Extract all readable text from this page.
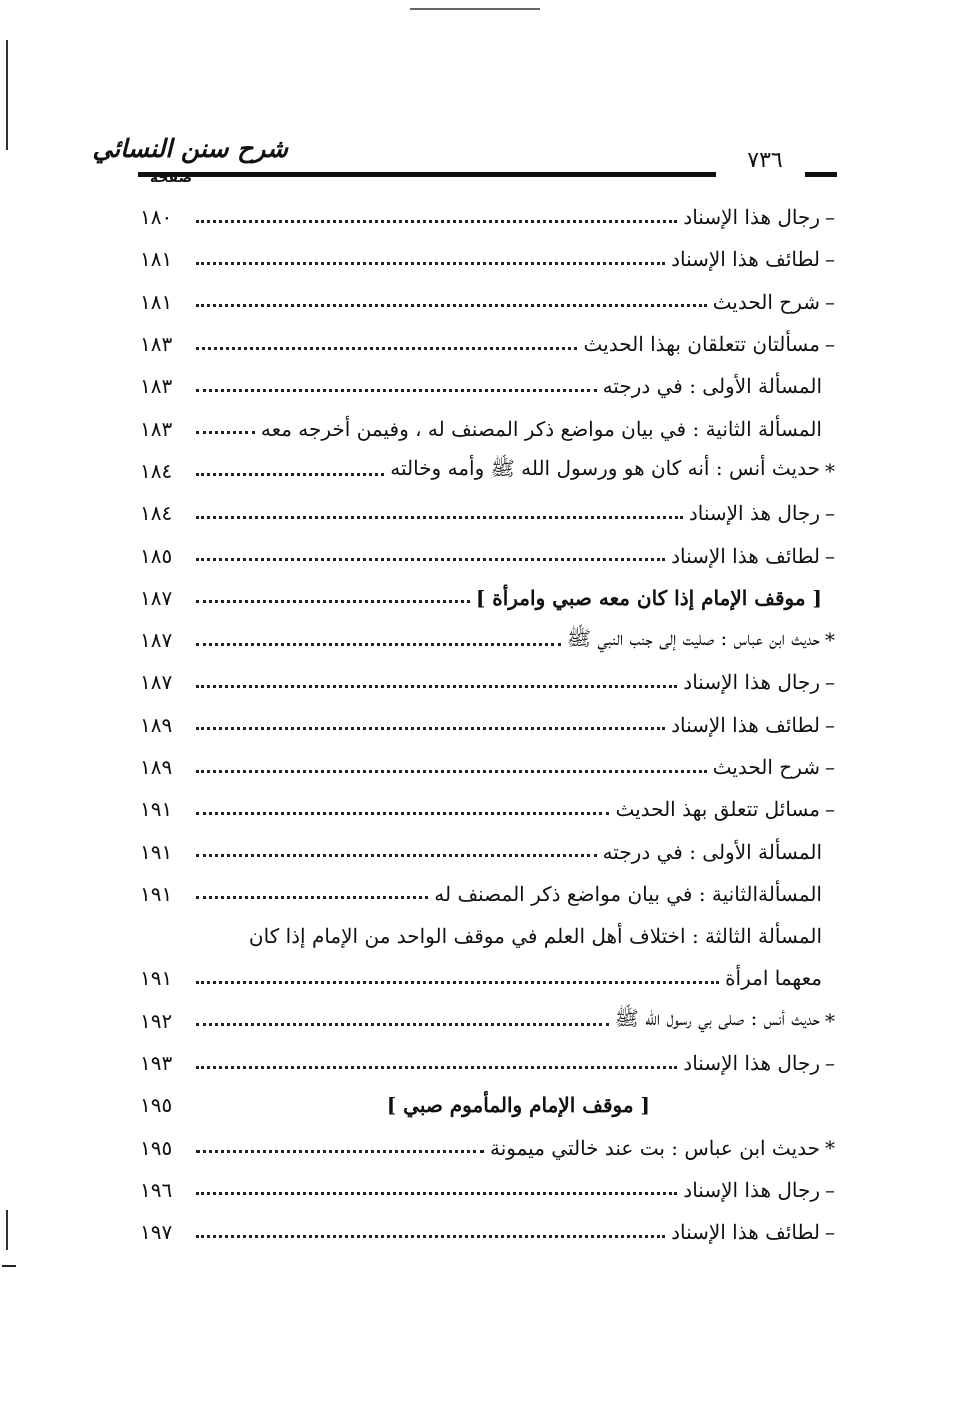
شرح سنن النسائي	٧٣٦
صفحة
–
رجال هذا الإسناد
١٨٠
–
لطائف هذا الإسناد
١٨١
–
شرح الحديث
١٨١
–
مسألتان تتعلقان بهذا الحديث
١٨٣
المسألة الأولى : في درجته
١٨٣
المسألة الثانية : في بيان مواضع ذكر المصنف له ، وفيمن أخرجه معه
١٨٣
*
حديث أنس : أنه كان هو ورسول الله ﷺ وأمه وخالته
١٨٤
–
رجال هذ الإسناد
١٨٤
–
لطائف هذا الإسناد
١٨٥
[ موقف الإمام إذا كان معه صبي وامرأة ]
١٨٧
*
حديث ابن عباس : صليت إلى جنب النبي ﷺ
١٨٧
–
رجال هذا الإسناد
١٨٧
–
لطائف هذا الإسناد
١٨٩
–
شرح الحديث
١٨٩
–
مسائل تتعلق بهذ الحديث
١٩١
المسألة الأولى : في درجته
١٩١
المسألةالثانية : في بيان مواضع ذكر المصنف له
١٩١
المسألة الثالثة : اختلاف أهل العلم في موقف الواحد من الإمام إذا كان
معهما امرأة
١٩١
*
حديث أنس : صلى بي رسول الله ﷺ
١٩٢
–
رجال هذا الإسناد
١٩٣
[ موقف الإمام والمأموم صبي ]
١٩٥
*
حديث ابن عباس : بت عند خالتي ميمونة
١٩٥
–
رجال هذا الإسناد
١٩٦
–
لطائف هذا الإسناد
١٩٧
